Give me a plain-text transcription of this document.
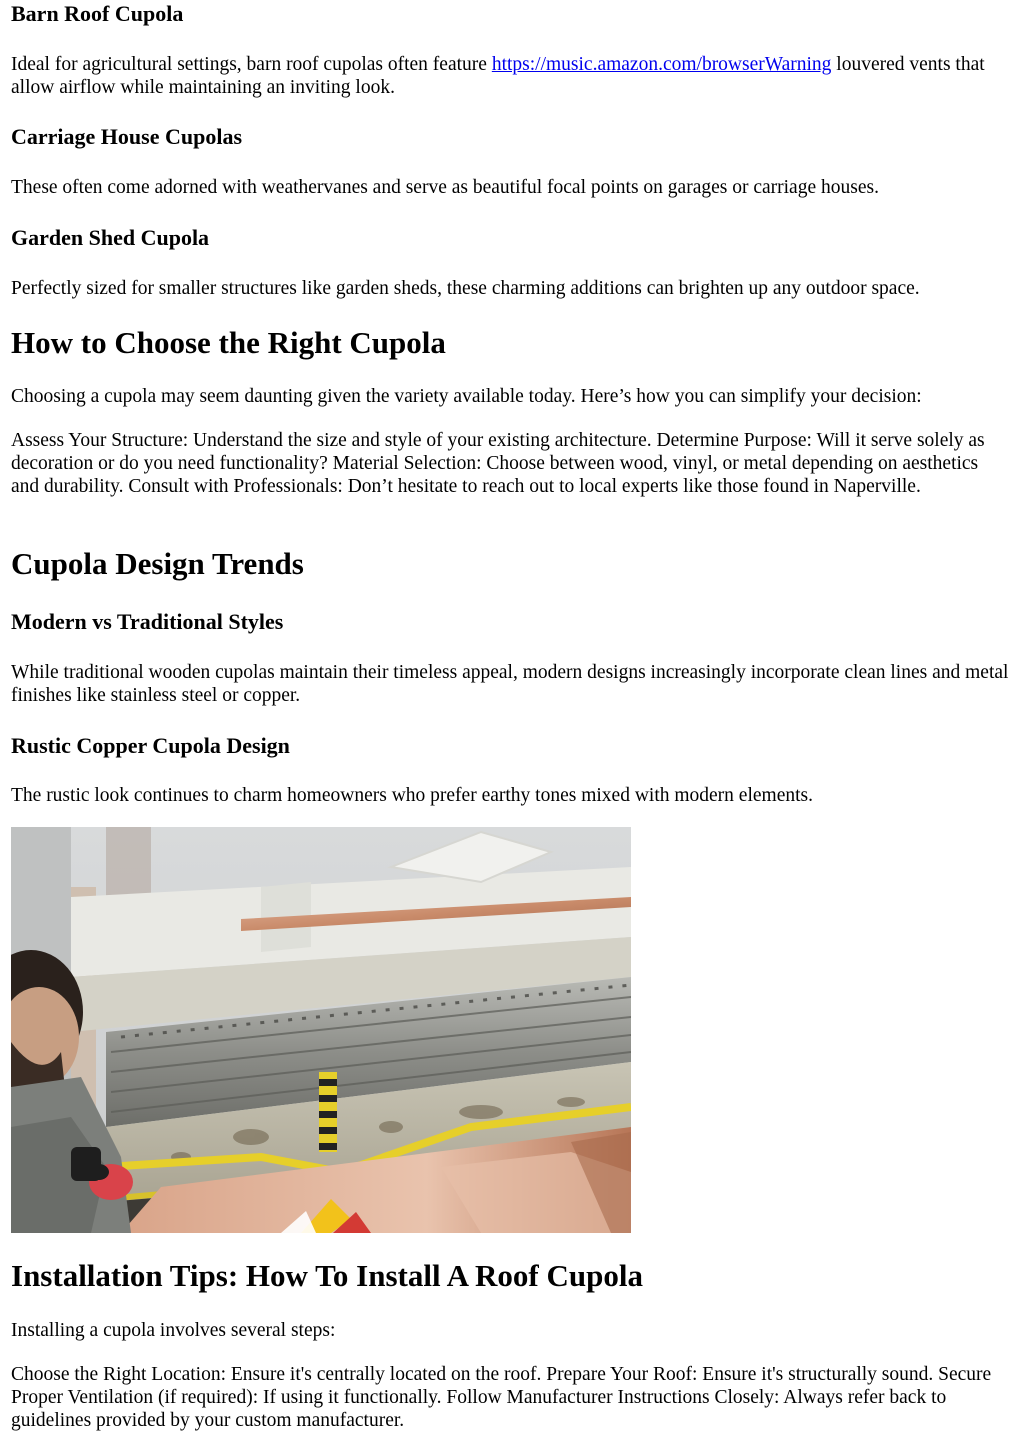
Barn Roof Cupola

Ideal for agricultural settings, barn roof cupolas often feature https://music.amazon.com/browserWarning louvered vents that allow airflow while maintaining an inviting look.

Carriage House Cupolas

These often come adorned with weathervanes and serve as beautiful focal points on garages or carriage houses.

Garden Shed Cupola

Perfectly sized for smaller structures like garden sheds, these charming additions can brighten up any outdoor space.

How to Choose the Right Cupola

Choosing a cupola may seem daunting given the variety available today. Here’s how you can simplify your decision:

Assess Your Structure: Understand the size and style of your existing architecture. Determine Purpose: Will it serve solely as decoration or do you need functionality? Material Selection: Choose between wood, vinyl, or metal depending on aesthetics and durability. Consult with Professionals: Don’t hesitate to reach out to local experts like those found in Naperville.

Cupola Design Trends
Modern vs Traditional Styles

While traditional wooden cupolas maintain their timeless appeal, modern designs increasingly incorporate clean lines and metal finishes like stainless steel or copper.

Rustic Copper Cupola Design

The rustic look continues to charm homeowners who prefer earthy tones mixed with modern elements.

Installation Tips: How To Install A Roof Cupola

Installing a cupola involves several steps:

Choose the Right Location: Ensure it's centrally located on the roof. Prepare Your Roof: Ensure it's structurally sound. Secure Proper Ventilation (if required): If using it functionally. Follow Manufacturer Instructions Closely: Always refer back to guidelines provided by your custom manufacturer.
